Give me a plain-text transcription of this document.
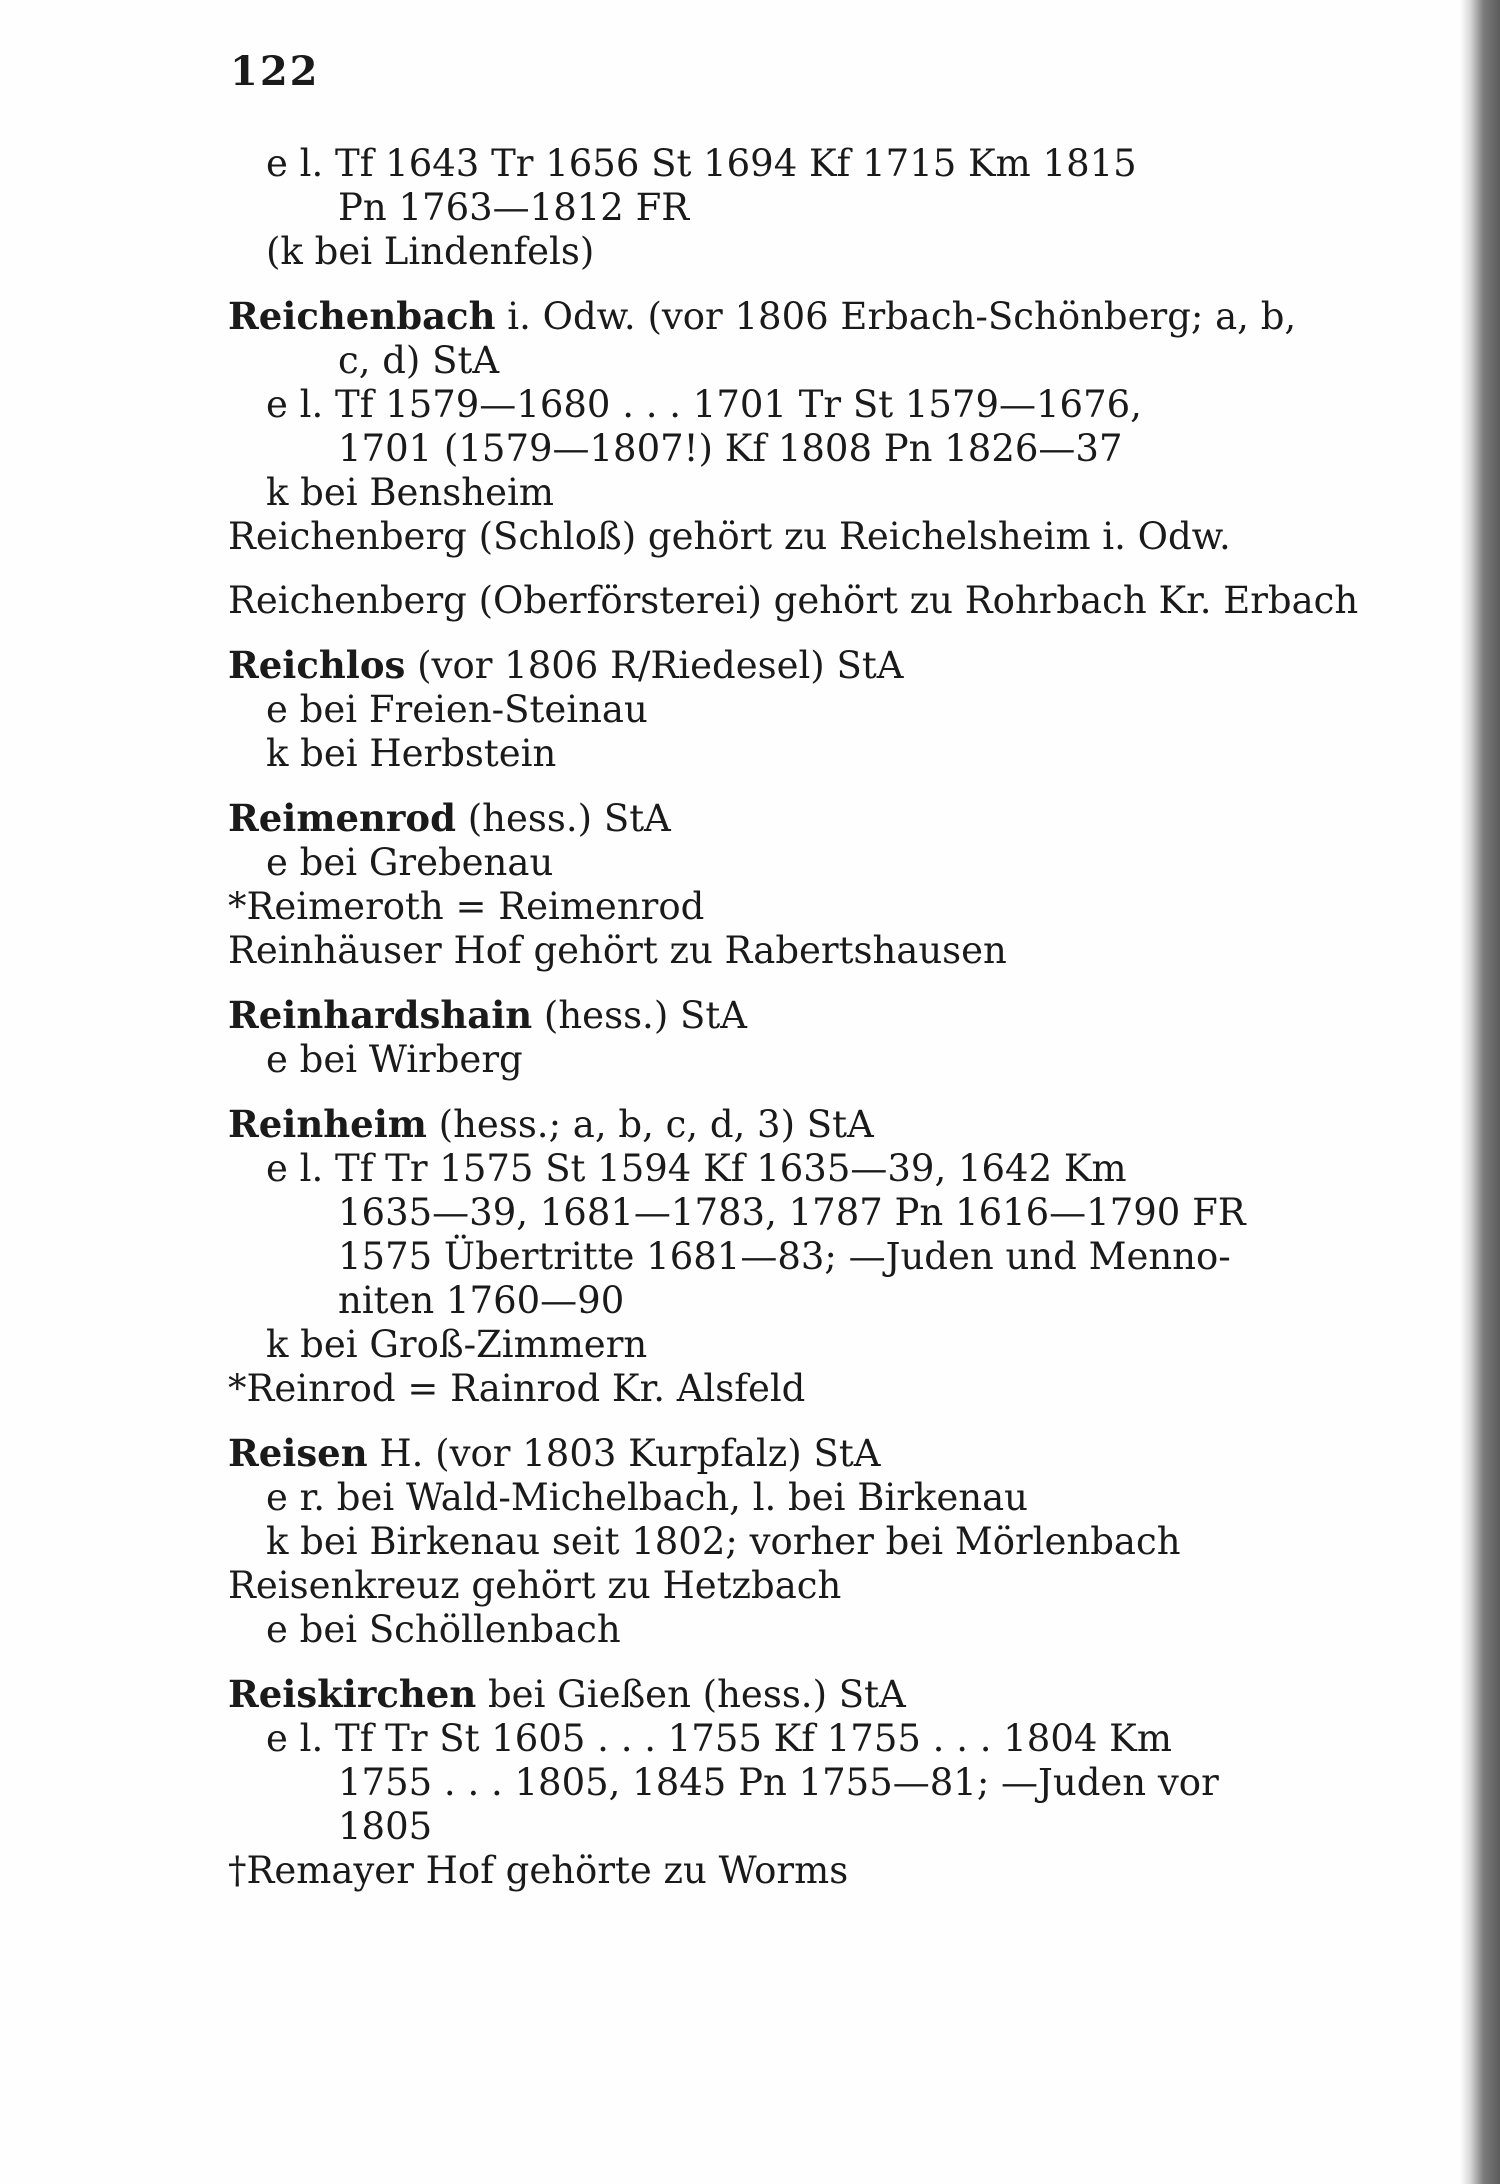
122
e l. Tf 1643 Tr 1656 St 1694 Kf 1715 Km 1815
Pn 1763—1812 FR
(k bei Lindenfels)
Reichenbach i. Odw. (vor 1806 Erbach-Schönberg; a, b,
c, d) StA
e l. Tf 1579—1680 . . . 1701 Tr St 1579—1676,
1701 (1579—1807!) Kf 1808 Pn 1826—37
k bei Bensheim
Reichenberg (Schloß) gehört zu Reichelsheim i. Odw.
Reichenberg (Oberförsterei) gehört zu Rohrbach Kr. Erbach
Reichlos (vor 1806 R/Riedesel) StA
e bei Freien-Steinau
k bei Herbstein
Reimenrod (hess.) StA
e bei Grebenau
*Reimeroth = Reimenrod
Reinhäuser Hof gehört zu Rabertshausen
Reinhardshain (hess.) StA
e bei Wirberg
Reinheim (hess.; a, b, c, d, 3) StA
e l. Tf Tr 1575 St 1594 Kf 1635—39, 1642 Km
1635—39, 1681—1783, 1787 Pn 1616—1790 FR
1575 Übertritte 1681—83; —Juden und Menno-
niten 1760—90
k bei Groß-Zimmern
*Reinrod = Rainrod Kr. Alsfeld
Reisen H. (vor 1803 Kurpfalz) StA
e r. bei Wald-Michelbach, l. bei Birkenau
k bei Birkenau seit 1802; vorher bei Mörlenbach
Reisenkreuz gehört zu Hetzbach
e bei Schöllenbach
Reiskirchen bei Gießen (hess.) StA
e l. Tf Tr St 1605 . . . 1755 Kf 1755 . . . 1804 Km
1755 . . . 1805, 1845 Pn 1755—81; —Juden vor
1805
†Remayer Hof gehörte zu Worms
